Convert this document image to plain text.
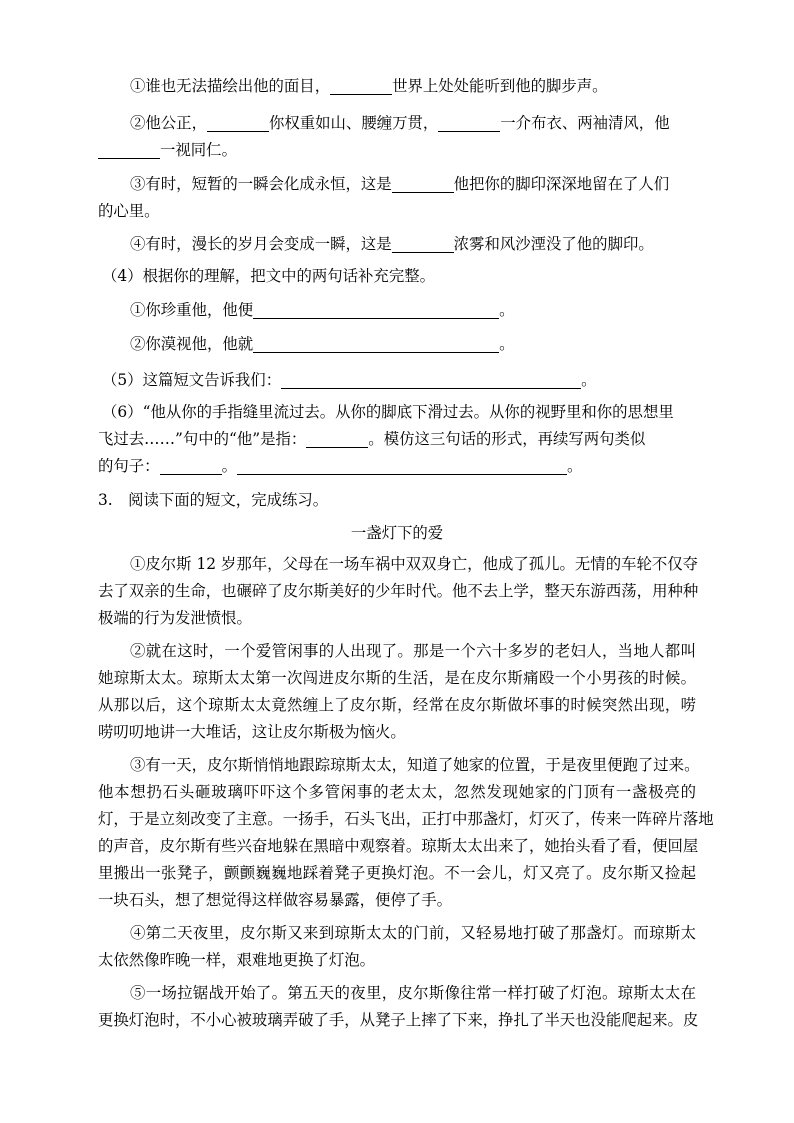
①谁也无法描绘出他的面目，	世界上处处能听到他的脚步声。
②他公正，	你权重如山、腰缠万贯，	一介布衣、两袖清风，他
一视同仁。
③有时，短暂的一瞬会化成永恒，这是	他把你的脚印深深地留在了人们
的心里。
④有时，漫长的岁月会变成一瞬，这是	浓雾和风沙湮没了他的脚印。
（4）根据你的理解，把文中的两句话补充完整。
①你珍重他，他便	。
②你漠视他，他就	。
（5）这篇短文告诉我们：	。
（6）“他从你的手指缝里流过去。从你的脚底下滑过去。从你的视野里和你的思想里
飞过去……”句中的“他”是指：	。模仿这三句话的形式，再续写两句类似
的句子：	。	。
3.　阅读下面的短文，完成练习。
一盏灯下的爱
①皮尔斯 12 岁那年，父母在一场车祸中双双身亡，他成了孤儿。无情的车轮不仅夺
去了双亲的生命，也碾碎了皮尔斯美好的少年时代。他不去上学，整天东游西荡，用种种
极端的行为发泄愤恨。
②就在这时，一个爱管闲事的人出现了。那是一个六十多岁的老妇人，当地人都叫
她琼斯太太。琼斯太太第一次闯进皮尔斯的生活，是在皮尔斯痛殴一个小男孩的时候。
从那以后，这个琼斯太太竟然缠上了皮尔斯，经常在皮尔斯做坏事的时候突然出现，唠
唠叨叨地讲一大堆话，这让皮尔斯极为恼火。
③有一天，皮尔斯悄悄地跟踪琼斯太太，知道了她家的位置，于是夜里便跑了过来。
他本想扔石头砸玻璃吓吓这个多管闲事的老太太，忽然发现她家的门顶有一盏极亮的
灯，于是立刻改变了主意。一扬手，石头飞出，正打中那盏灯，灯灭了，传来一阵碎片落地
的声音，皮尔斯有些兴奋地躲在黑暗中观察着。琼斯太太出来了，她抬头看了看，便回屋
里搬出一张凳子，颤颤巍巍地踩着凳子更换灯泡。不一会儿，灯又亮了。皮尔斯又捡起
一块石头，想了想觉得这样做容易暴露，便停了手。
④第二天夜里，皮尔斯又来到琼斯太太的门前，又轻易地打破了那盏灯。而琼斯太
太依然像昨晚一样，艰难地更换了灯泡。
⑤一场拉锯战开始了。第五天的夜里，皮尔斯像往常一样打破了灯泡。琼斯太太在
更换灯泡时，不小心被玻璃弄破了手，从凳子上摔了下来，挣扎了半天也没能爬起来。皮
